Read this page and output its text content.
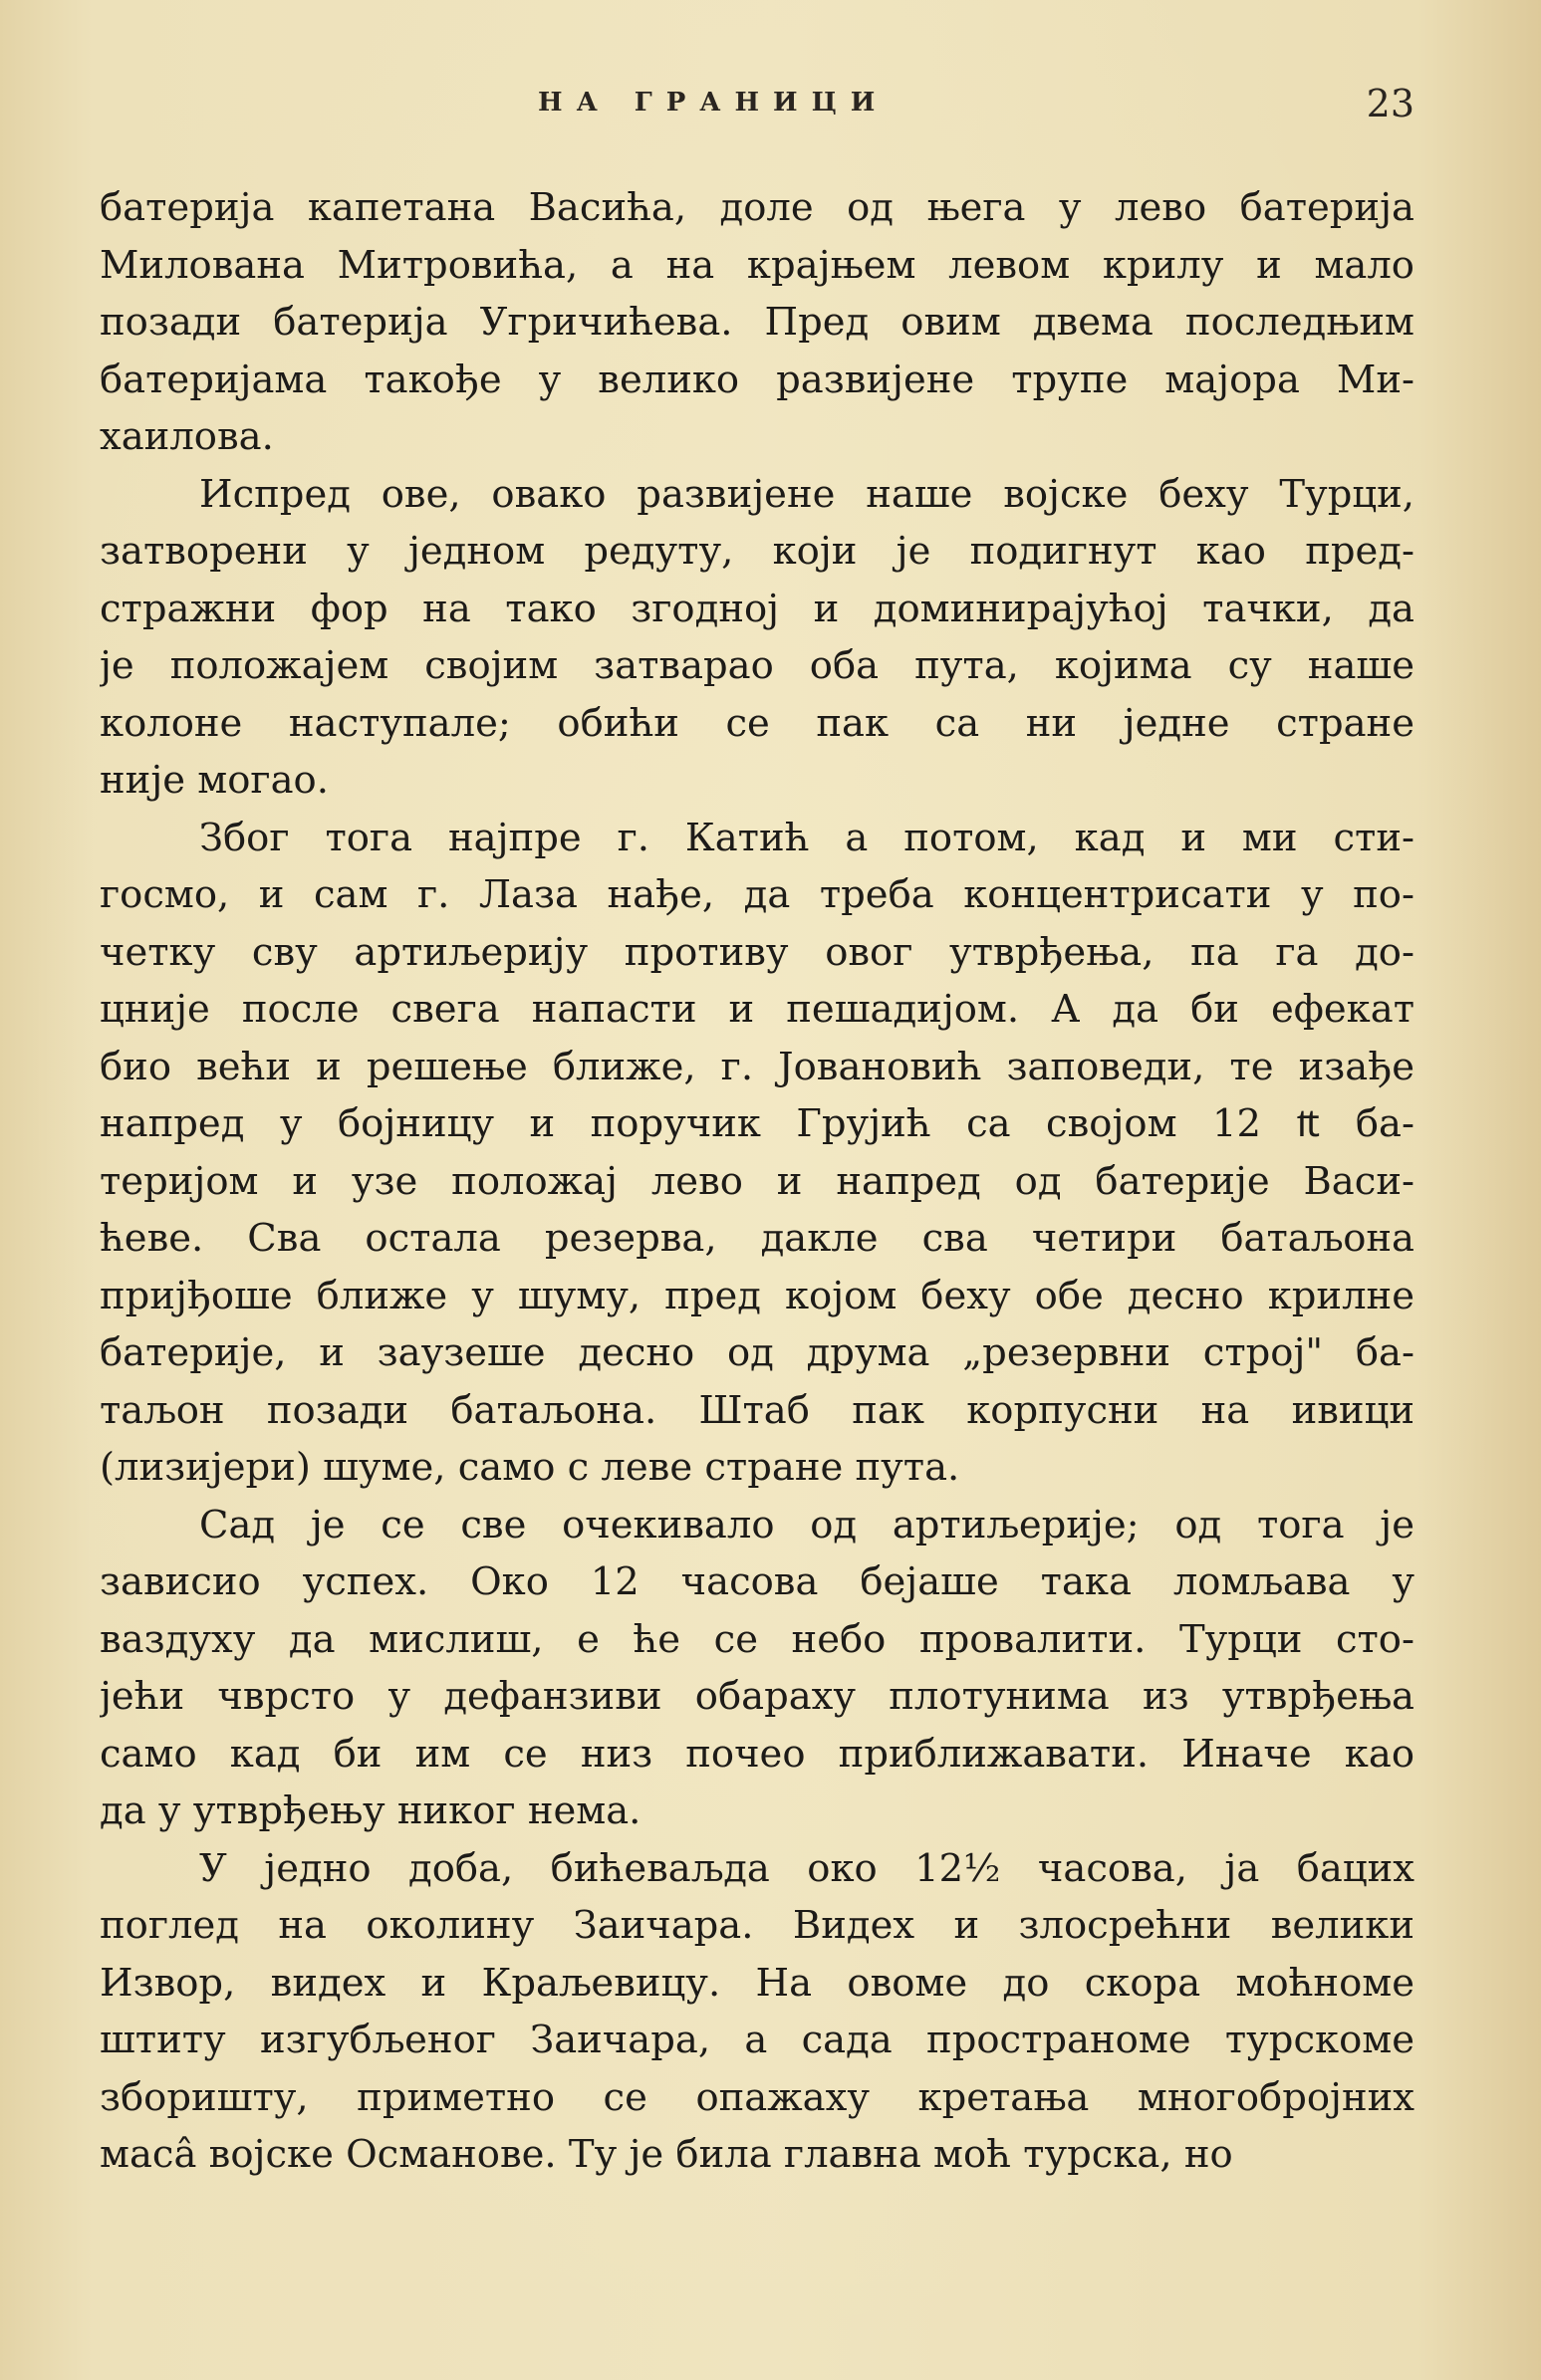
НА ГРАНИЦИ	23
батерија капетана Васића, доле од њега у лево батерија
Милована Митровића, а на крајњем левом крилу и мало
позади батерија Угричићева. Пред овим двема последњим
батеријама такође у велико развијене трупе мајора Ми-
хаилова.
Испред ове, овако развијене наше војске беху Турци,
затворени у једном редуту, који је подигнут као пред-
стражни фор на тако згодној и доминирајућој тачки, да
је положајем својим затварао оба пута, којима су наше
колоне наступале; обићи се пак са ни једне стране
није могао.
Због тога најпре г. Катић а потом, кад и ми сти-
госмо, и сам г. Лаза нађе, да треба концентрисати у по-
четку сву артиљерију противу овог утврђења, па га до-
цније после свега напасти и пешадијом. А да би ефекат
био већи и решење ближе, г. Јовановић заповеди, те изађе
напред у бојницу и поручик Грујић са својом 12 ₶ ба-
теријом и узе положај лево и напред од батерије Васи-
ћеве. Сва остала резерва, дакле сва четири батаљона
пријђоше ближе у шуму, пред којом беху обе десно крилне
батерије, и заузеше десно од друма „резервни строј" ба-
таљон позади батаљона. Штаб пак корпусни на ивици
(лизијери) шуме, само с леве стране пута.
Сад је се све очекивало од артиљерије; од тога је
зависио успех. Око 12 часова бејаше така ломљава у
ваздуху да мислиш, е ће се небо провалити. Турци сто-
јећи чврсто у дефанзиви обараху плотунима из утврђења
само кад би им се низ почео приближавати. Иначе као
да у утврђењу никог нема.
У једно доба, бићеваљда око 12½ часова, ја бацих
поглед на околину Заичара. Видех и злосрећни велики
Извор, видех и Краљевицу. На овоме до скора моћноме
штиту изгубљеног Заичара, а сада пространоме турскоме
зборишту, приметно се опажаху кретања многобројних
масâ војске Османове. Ту је била главна моћ турска, но
